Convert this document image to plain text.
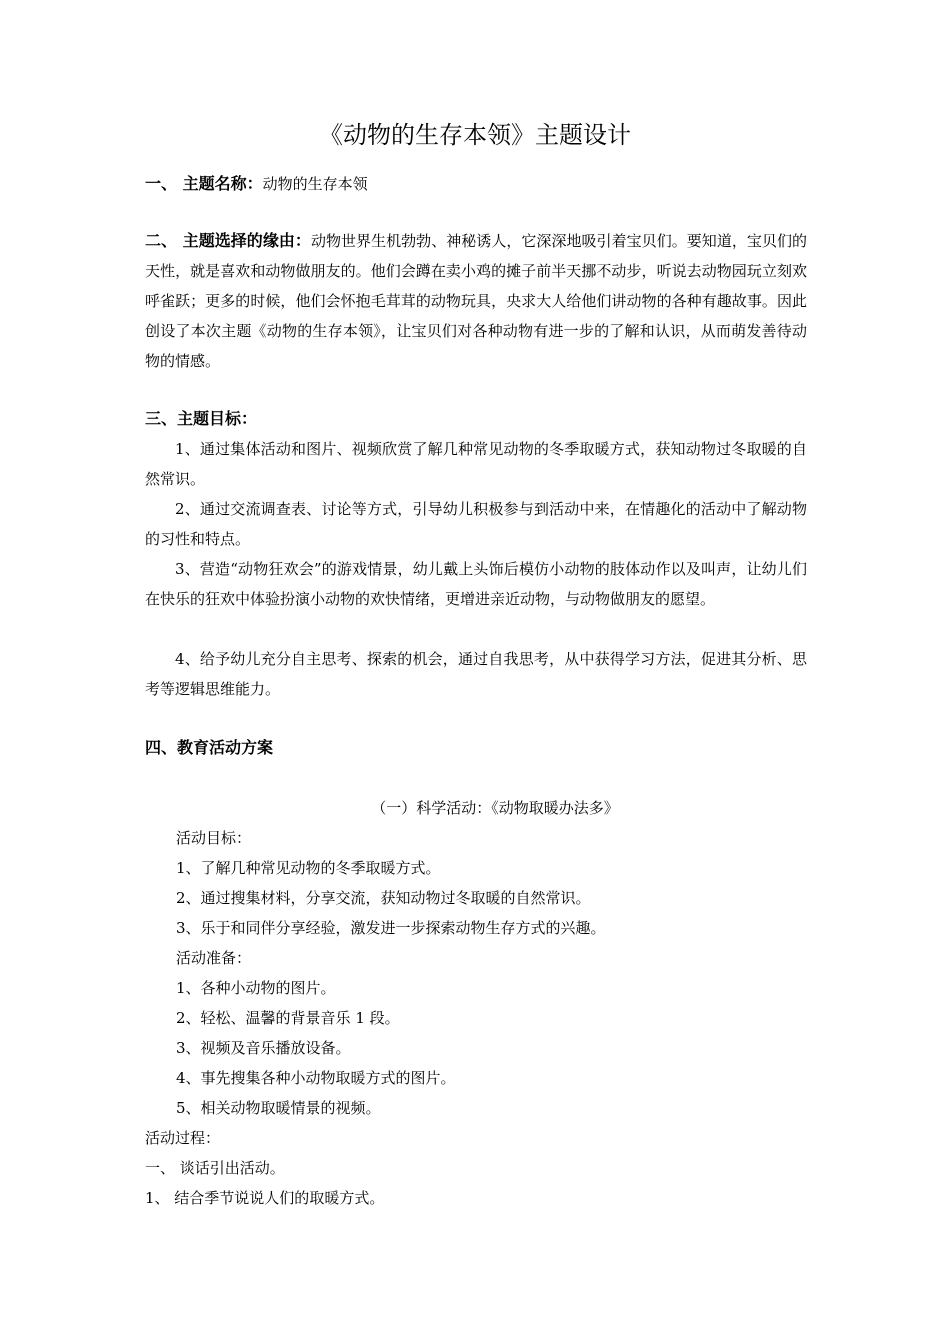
《动物的生存本领》主题设计
一、 主题名称：动物的生存本领

二、 主题选择的缘由：动物世界生机勃勃、神秘诱人，它深深地吸引着宝贝们。要知道，宝贝们的天性，就是喜欢和动物做朋友的。他们会蹲在卖小鸡的摊子前半天挪不动步，听说去动物园玩立刻欢呼雀跃；更多的时候，他们会怀抱毛茸茸的动物玩具，央求大人给他们讲动物的各种有趣故事。因此创设了本次主题《动物的生存本领》，让宝贝们对各种动物有进一步的了解和认识，从而萌发善待动物的情感。

三、主题目标：

1、通过集体活动和图片、视频欣赏了解几种常见动物的冬季取暖方式，获知动物过冬取暖的自然常识。

2、通过交流调查表、讨论等方式，引导幼儿积极参与到活动中来，在情趣化的活动中了解动物的习性和特点。

3、营造“动物狂欢会”的游戏情景，幼儿戴上头饰后模仿小动物的肢体动作以及叫声，让幼儿们在快乐的狂欢中体验扮演小动物的欢快情绪，更增进亲近动物，与动物做朋友的愿望。

4、给予幼儿充分自主思考、探索的机会，通过自我思考，从中获得学习方法，促进其分析、思考等逻辑思维能力。

四、教育活动方案
（一）科学活动：《动物取暖办法多》
活动目标：
1、了解几种常见动物的冬季取暖方式。
2、通过搜集材料，分享交流，获知动物过冬取暖的自然常识。
3、乐于和同伴分享经验，激发进一步探索动物生存方式的兴趣。
活动准备：
1、各种小动物的图片。
2、轻松、温馨的背景音乐 1 段。
3、视频及音乐播放设备。
4、事先搜集各种小动物取暖方式的图片。
5、相关动物取暖情景的视频。
活动过程：
一、 谈话引出活动。
1、 结合季节说说人们的取暖方式。
